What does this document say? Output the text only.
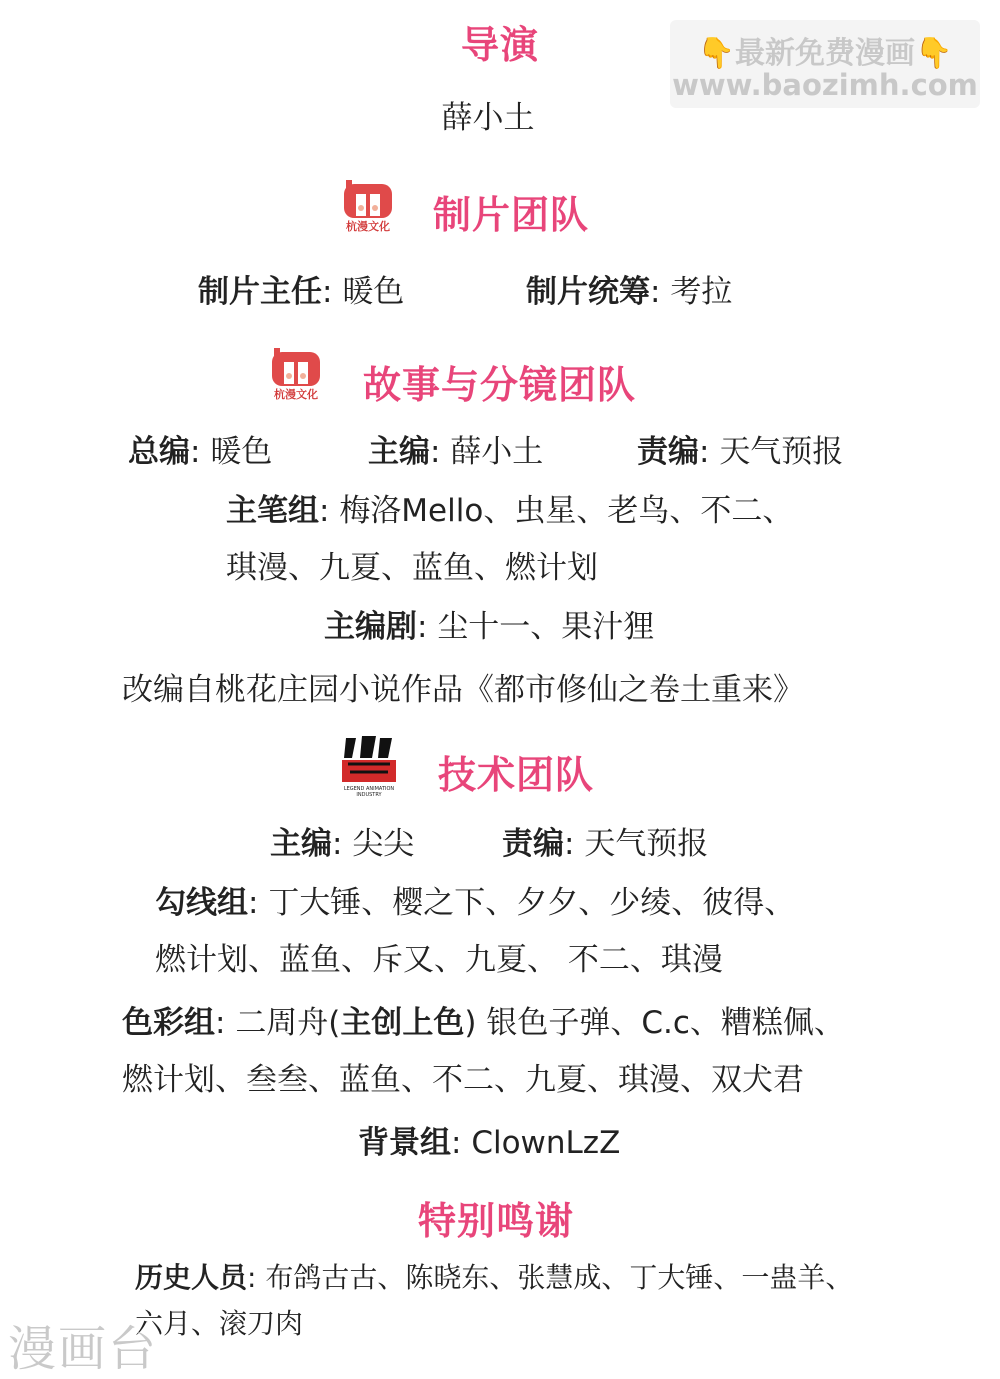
👇最新免费漫画👇
www.baozimh.com
导演
薛小土
杭漫文化 制片团队
制片主任: 暖色	制片统筹: 考拉
杭漫文化 故事与分镜团队
总编: 暖色	主编: 薛小土	责编: 天气预报
主笔组: 梅洛Mello、虫星、老鸟、不二、
琪漫、九夏、蓝鱼、燃计划
主编剧: 尘十一、果汁狸
改编自桃花庄园小说作品《都市修仙之卷土重来》
LEGEND ANIMATION INDUSTRY	技术团队
主编: 尖尖	责编: 天气预报
勾线组: 丁大锤、樱之下、夕夕、少绫、彼得、
燃计划、蓝鱼、斥又、九夏、 不二、琪漫
色彩组: 二周舟(主创上色) 银色子弹、C.c、糟糕佩、
燃计划、叁叁、蓝鱼、不二、九夏、琪漫、双犬君
背景组: ClownLzZ
特别鸣谢
历史人员: 布鸽古古、陈晓东、张慧成、丁大锤、一蛊羊、
六月、滚刀肉
漫画台
